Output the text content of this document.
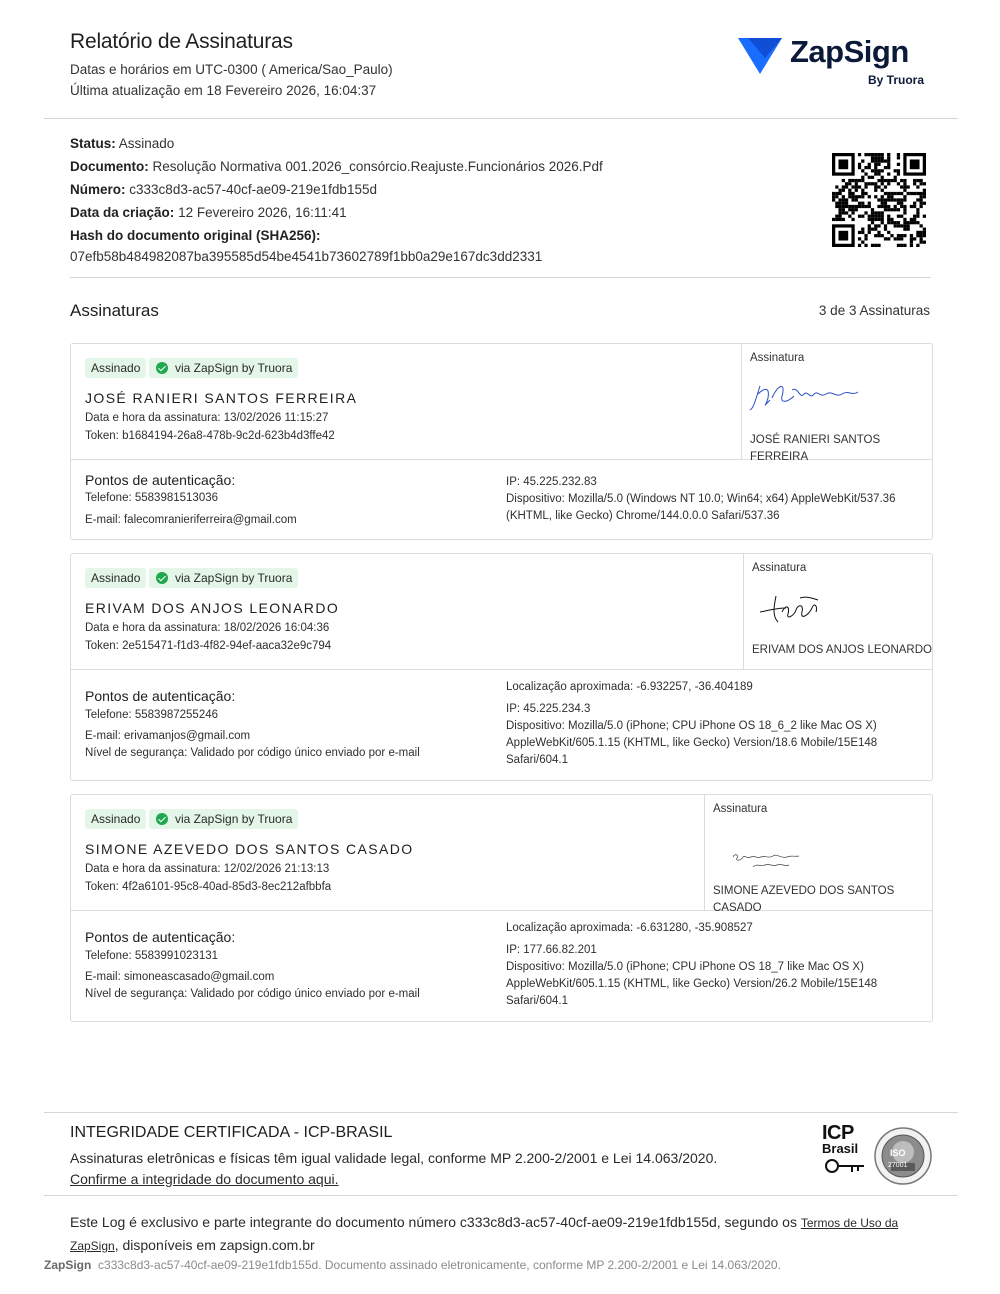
Relatório de Assinaturas
Datas e horários em UTC-0300 ( America/Sao_Paulo)
Última atualização em 18 Fevereiro 2026, 16:04:37
ZapSign
By Truora
Status: Assinado
Documento: Resolução Normativa 001.2026_consórcio.Reajuste.Funcionários 2026.Pdf
Número: c333c8d3-ac57-40cf-ae09-219e1fdb155d
Data da criação: 12 Fevereiro 2026, 16:11:41
Hash do documento original (SHA256):
07efb58b484982087ba395585d54be4541b73602789f1bb0a29e167dc3dd2331
Assinaturas	3 de 3 Assinaturas
Assinado	via ZapSign by Truora
JOSÉ RANIERI SANTOS FERREIRA
Data e hora da assinatura: 13/02/2026 11:15:27
Token: b1684194-26a8-478b-9c2d-623b4d3ffe42
Assinatura
JOSÉ RANIERI SANTOS FERREIRA
Pontos de autenticação:
Telefone: 5583981513036
E-mail: falecomranieriferreira@gmail.com
IP: 45.225.232.83
Dispositivo: Mozilla/5.0 (Windows NT 10.0; Win64; x64) AppleWebKit/537.36 (KHTML, like Gecko) Chrome/144.0.0.0 Safari/537.36
Assinado	via ZapSign by Truora
ERIVAM DOS ANJOS LEONARDO
Data e hora da assinatura: 18/02/2026 16:04:36
Token: 2e515471-f1d3-4f82-94ef-aaca32e9c794
Assinatura
ERIVAM DOS ANJOS LEONARDO
Pontos de autenticação:
Telefone: 5583987255246
E-mail: erivamanjos@gmail.com
Nível de segurança: Validado por código único enviado por e-mail
Localização aproximada: -6.932257, -36.404189
IP: 45.225.234.3
Dispositivo: Mozilla/5.0 (iPhone; CPU iPhone OS 18_6_2 like Mac OS X) AppleWebKit/605.1.15 (KHTML, like Gecko) Version/18.6 Mobile/15E148 Safari/604.1
Assinado	via ZapSign by Truora
SIMONE AZEVEDO DOS SANTOS CASADO
Data e hora da assinatura: 12/02/2026 21:13:13
Token: 4f2a6101-95c8-40ad-85d3-8ec212afbbfa
Assinatura
SIMONE AZEVEDO DOS SANTOS CASADO
Pontos de autenticação:
Telefone: 5583991023131
E-mail: simoneascasado@gmail.com
Nível de segurança: Validado por código único enviado por e-mail
Localização aproximada: -6.631280, -35.908527
IP: 177.66.82.201
Dispositivo: Mozilla/5.0 (iPhone; CPU iPhone OS 18_7 like Mac OS X) AppleWebKit/605.1.15 (KHTML, like Gecko) Version/26.2 Mobile/15E148 Safari/604.1
INTEGRIDADE CERTIFICADA - ICP-BRASIL
Assinaturas eletrônicas e físicas têm igual validade legal, conforme MP 2.200-2/2001 e Lei 14.063/2020.
Confirme a integridade do documento aqui.
ICP
Brasil	ISO
27001
Este Log é exclusivo e parte integrante do documento número c333c8d3-ac57-40cf-ae09-219e1fdb155d, segundo os Termos de Uso da ZapSign, disponíveis em zapsign.com.br
ZapSign c333c8d3-ac57-40cf-ae09-219e1fdb155d. Documento assinado eletronicamente, conforme MP 2.200-2/2001 e Lei 14.063/2020.
